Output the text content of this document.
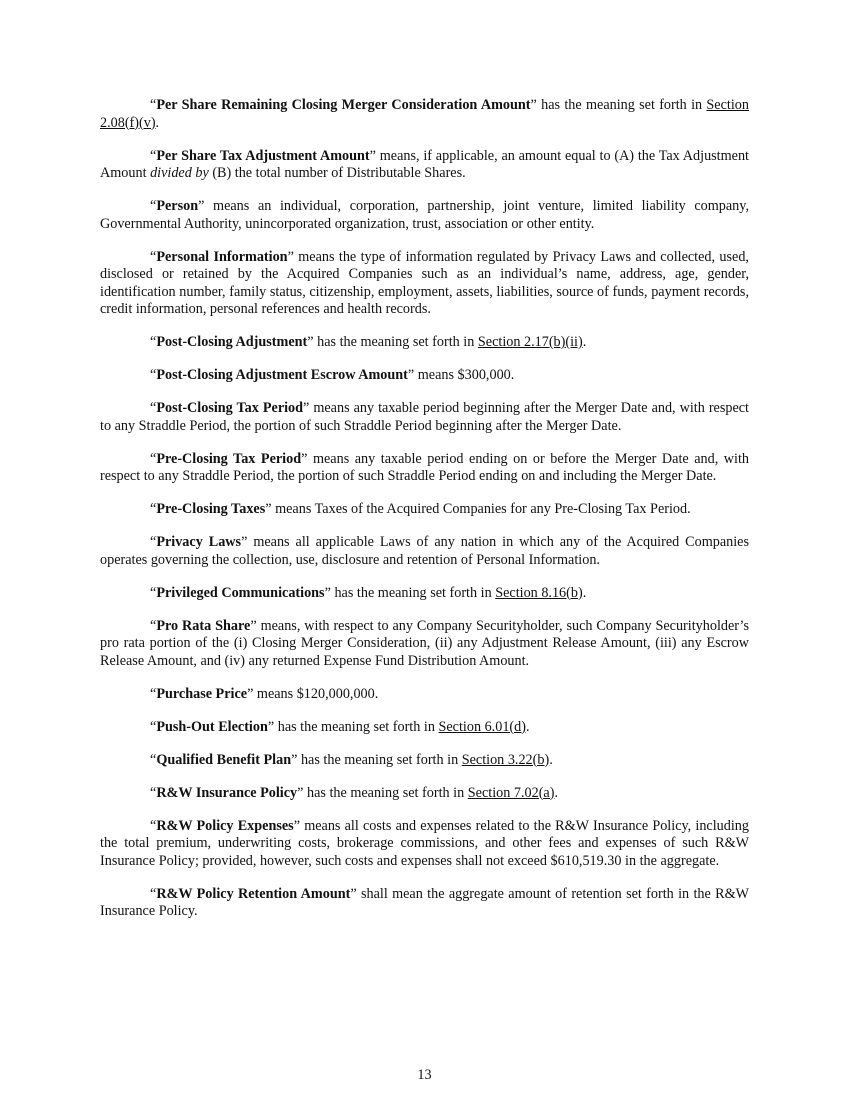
“Per Share Remaining Closing Merger Consideration Amount” has the meaning set forth in Section 2.08(f)(v).

“Per Share Tax Adjustment Amount” means, if applicable, an amount equal to (A) the Tax Adjustment Amount divided by (B) the total number of Distributable Shares.

“Person” means an individual, corporation, partnership, joint venture, limited liability company, Governmental Authority, unincorporated organization, trust, association or other entity.

“Personal Information” means the type of information regulated by Privacy Laws and collected, used, disclosed or retained by the Acquired Companies such as an individual’s name, address, age, gender, identification number, family status, citizenship, employment, assets, liabilities, source of funds, payment records, credit information, personal references and health records.

“Post-Closing Adjustment” has the meaning set forth in Section 2.17(b)(ii).

“Post-Closing Adjustment Escrow Amount” means $300,000.

“Post-Closing Tax Period” means any taxable period beginning after the Merger Date and, with respect to any Straddle Period, the portion of such Straddle Period beginning after the Merger Date.

“Pre-Closing Tax Period” means any taxable period ending on or before the Merger Date and, with respect to any Straddle Period, the portion of such Straddle Period ending on and including the Merger Date.

“Pre-Closing Taxes” means Taxes of the Acquired Companies for any Pre-Closing Tax Period.

“Privacy Laws” means all applicable Laws of any nation in which any of the Acquired Companies operates governing the collection, use, disclosure and retention of Personal Information.

“Privileged Communications” has the meaning set forth in Section 8.16(b).

“Pro Rata Share” means, with respect to any Company Securityholder, such Company Securityholder’s pro rata portion of the (i) Closing Merger Consideration, (ii) any Adjustment Release Amount, (iii) any Escrow Release Amount, and (iv) any returned Expense Fund Distribution Amount.

“Purchase Price” means $120,000,000.

“Push-Out Election” has the meaning set forth in Section 6.01(d).

“Qualified Benefit Plan” has the meaning set forth in Section 3.22(b).

“R&W Insurance Policy” has the meaning set forth in Section 7.02(a).

“R&W Policy Expenses” means all costs and expenses related to the R&W Insurance Policy, including the total premium, underwriting costs, brokerage commissions, and other fees and expenses of such R&W Insurance Policy; provided, however, such costs and expenses shall not exceed $610,519.30 in the aggregate.

“R&W Policy Retention Amount” shall mean the aggregate amount of retention set forth in the R&W Insurance Policy.

13
